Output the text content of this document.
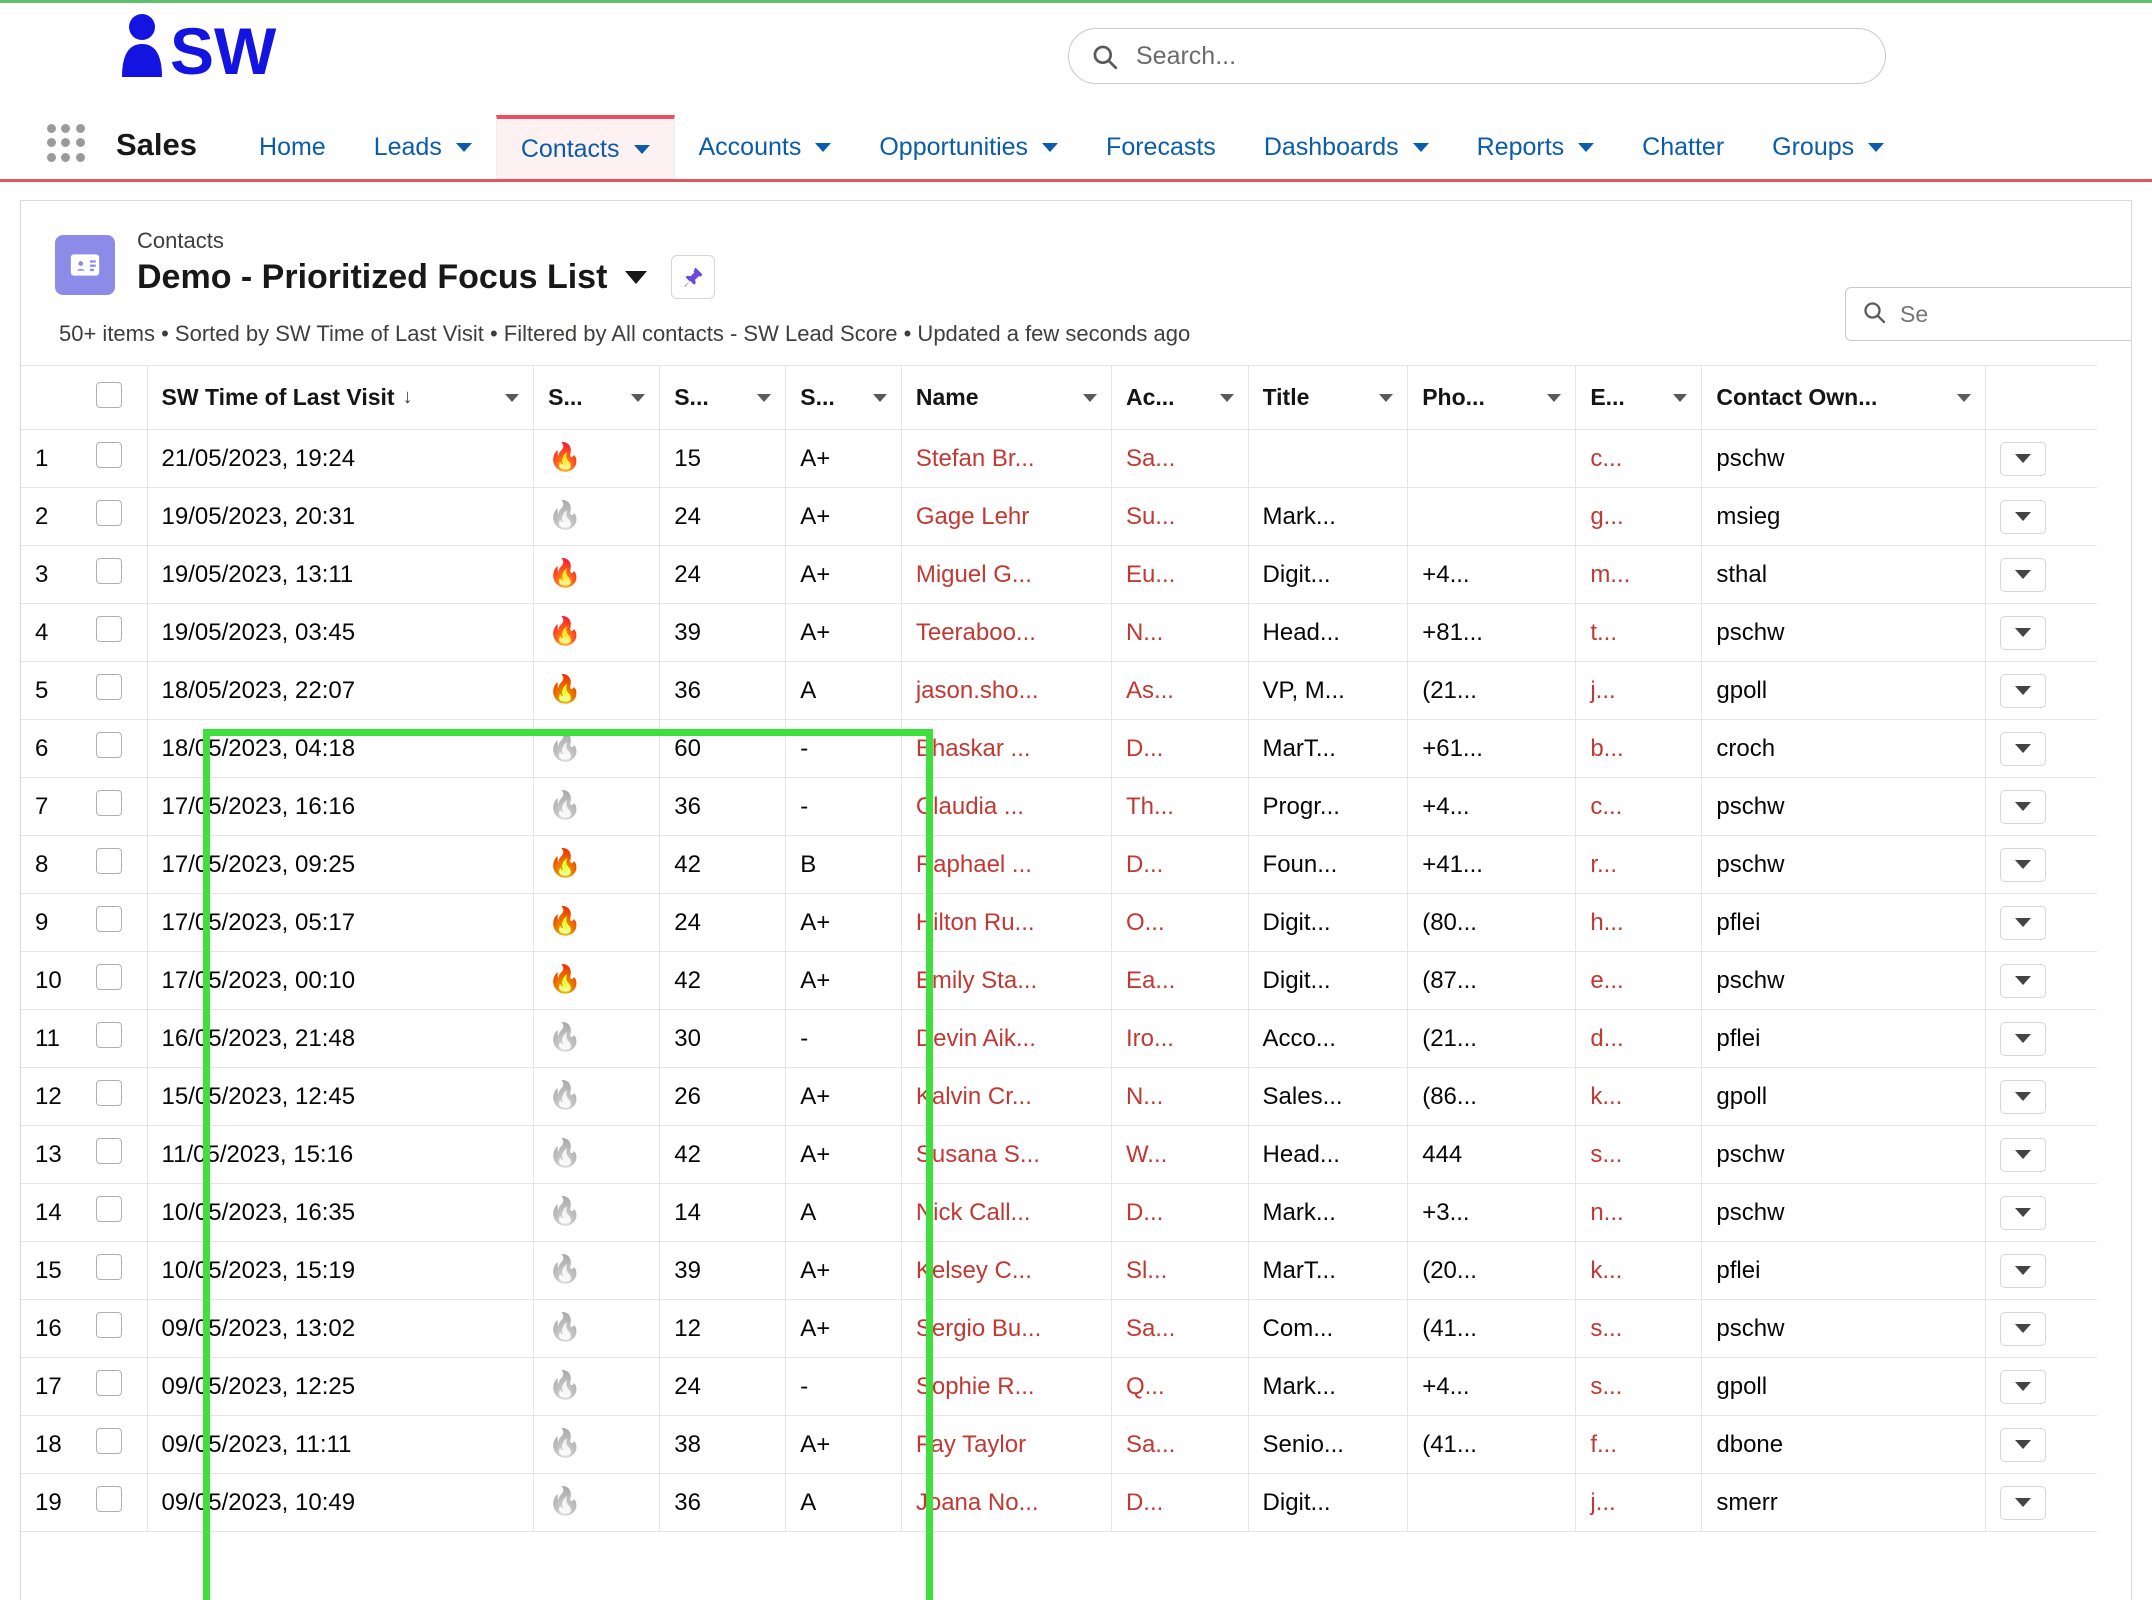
SW
Search...
Sales Home Leads	Contacts	Accounts	Opportunities	Forecasts Dashboards	Reports	Chatter Groups
Contacts
Demo - Prioritized Focus List
50+ items • Sorted by SW Time of Last Visit • Filtered by All contacts - SW Lead Score • Updated a few seconds ago
Se

		SW Time of Last Visit ↓	S...	S...	S...	Name	Ac...	Title	Pho...	E...	Contact Own...	

1		21/05/2023, 19:24	🔥	15	A+	Stefan Br...	Sa...			c...	pschw	

2		19/05/2023, 20:31	🔥	24	A+	Gage Lehr	Su...	Mark...		g...	msieg	

3		19/05/2023, 13:11	🔥	24	A+	Miguel G...	Eu...	Digit...	+4...	m...	sthal	

4		19/05/2023, 03:45	🔥	39	A+	Teeraboo...	N...	Head...	+81...	t...	pschw	

5		18/05/2023, 22:07	🔥	36	A	jason.sho...	As...	VP, M...	(21...	j...	gpoll	

6		18/05/2023, 04:18	🔥	60	-	Bhaskar ...	D...	MarT...	+61...	b...	croch	

7		17/05/2023, 16:16	🔥	36	-	Claudia ...	Th...	Progr...	+4...	c...	pschw	

8		17/05/2023, 09:25	🔥	42	B	Raphael ...	D...	Foun...	+41...	r...	pschw	

9		17/05/2023, 05:17	🔥	24	A+	Hilton Ru...	O...	Digit...	(80...	h...	pflei	

10		17/05/2023, 00:10	🔥	42	A+	Emily Sta...	Ea...	Digit...	(87...	e...	pschw	

11		16/05/2023, 21:48	🔥	30	-	Devin Aik...	Iro...	Acco...	(21...	d...	pflei	

12		15/05/2023, 12:45	🔥	26	A+	Kalvin Cr...	N...	Sales...	(86...	k...	gpoll	

13		11/05/2023, 15:16	🔥	42	A+	Susana S...	W...	Head...	444	s...	pschw	

14		10/05/2023, 16:35	🔥	14	A	Nick Call...	D...	Mark...	+3...	n...	pschw	

15		10/05/2023, 15:19	🔥	39	A+	Kelsey C...	Sl...	MarT...	(20...	k...	pflei	

16		09/05/2023, 13:02	🔥	12	A+	Sergio Bu...	Sa...	Com...	(41...	s...	pschw	

17		09/05/2023, 12:25	🔥	24	-	Sophie R...	Q...	Mark...	+4...	s...	gpoll	

18		09/05/2023, 11:11	🔥	38	A+	Fay Taylor	Sa...	Senio...	(41...	f...	dbone	

19		09/05/2023, 10:49	🔥	36	A	Joana No...	D...	Digit...		j...	smerr	
